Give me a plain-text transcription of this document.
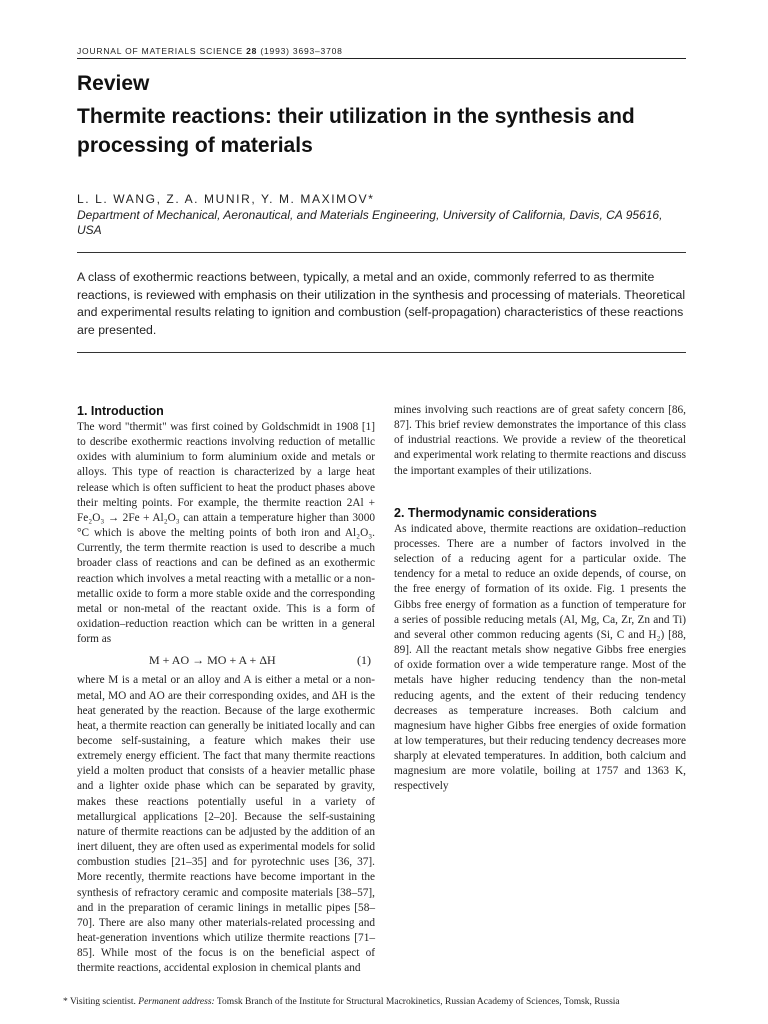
JOURNAL OF MATERIALS SCIENCE 28 (1993) 3693–3708
Review
Thermite reactions: their utilization in the synthesis and processing of materials
L. L. WANG, Z. A. MUNIR, Y. M. MAXIMOV*
Department of Mechanical, Aeronautical, and Materials Engineering, University of California, Davis, CA 95616, USA
A class of exothermic reactions between, typically, a metal and an oxide, commonly referred to as thermite reactions, is reviewed with emphasis on their utilization in the synthesis and processing of materials. Theoretical and experimental results relating to ignition and combustion (self-propagation) characteristics of these reactions are presented.
1. Introduction

The word "thermit" was first coined by Goldschmidt in 1908 [1] to describe exothermic reactions involving reduction of metallic oxides with aluminium to form aluminium oxide and metals or alloys. This type of reaction is characterized by a large heat release which is often sufficient to heat the product phases above their melting points. For example, the thermite reaction 2Al + Fe₂O₃ → 2Fe + Al₂O₃ can attain a temperature higher than 3000 °C which is above the melting points of both iron and Al₂O₃. Currently, the term thermite reaction is used to describe a much broader class of reactions and can be defined as an exothermic reaction which involves a metal reacting with a metallic or a non-metallic oxide to form a more stable oxide and the corresponding metal or non-metal of the reactant oxide. This is a form of oxidation–reduction reaction which can be written in a general form as

M + AO → MO + A + ΔH	(1)

where M is a metal or an alloy and A is either a metal or a non-metal, MO and AO are their corresponding oxides, and ΔH is the heat generated by the reaction. Because of the large exothermic heat, a thermite reaction can generally be initiated locally and can become self-sustaining, a feature which makes their use extremely energy efficient. The fact that many thermite reactions yield a molten product that consists of a heavier metallic phase and a lighter oxide phase which can be separated by gravity, makes these reactions potentially useful in a variety of metallurgical applications [2–20]. Because the self-sustaining nature of thermite reactions can be adjusted by the addition of an inert diluent, they are often used as experimental models for solid combustion studies [21–35] and for pyrotechnic uses [36, 37]. More recently, thermite reactions have become important in the synthesis of refractory ceramic and composite materials [38–57], and in the preparation of ceramic linings in metallic pipes [58–70]. There are also many other materials-related processing and heat-generation inventions which utilize thermite reactions [71–85]. While most of the focus is on the beneficial aspect of thermite reactions, accidental explosion in chemical plants and

mines involving such reactions are of great safety concern [86, 87]. This brief review demonstrates the importance of this class of industrial reactions. We provide a review of the theoretical and experimental work relating to thermite reactions and discuss the important examples of their utilizations.
2. Thermodynamic considerations

As indicated above, thermite reactions are oxidation–reduction processes. There are a number of factors involved in the selection of a reducing agent for a particular oxide. The tendency for a metal to reduce an oxide depends, of course, on the free energy of formation of its oxide. Fig. 1 presents the Gibbs free energy of formation as a function of temperature for a series of possible reducing metals (Al, Mg, Ca, Zr, Zn and Ti) and several other common reducing agents (Si, C and H₂) [88, 89]. All the reactant metals show negative Gibbs free energies of oxide formation over a wide temperature range. Most of the metals have higher reducing tendency than the non-metal reducing agents, and the extent of their reducing tendency decreases as temperature increases. Both calcium and magnesium have higher Gibbs free energies of oxide formation at low temperatures, but their reducing tendency decreases more sharply at elevated temperatures. In addition, both calcium and magnesium are more volatile, boiling at 1757 and 1363 K, respectively

* Visiting scientist. Permanent address: Tomsk Branch of the Institute for Structural Macrokinetics, Russian Academy of Sciences, Tomsk, Russia
